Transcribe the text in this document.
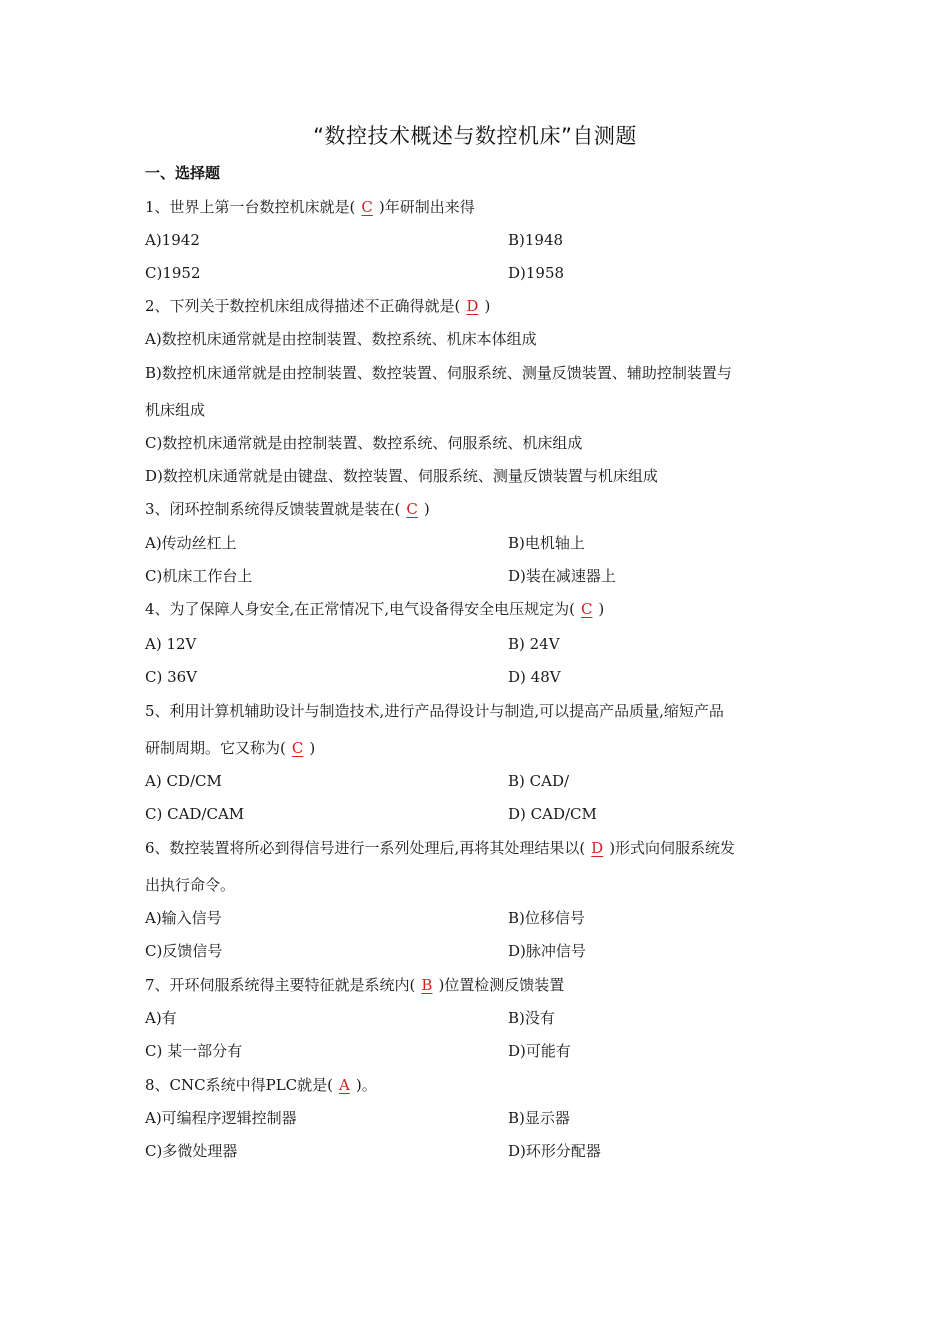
“数控技术概述与数控机床”自测题
一、选择题
1、世界上第一台数控机床就是( C )年研制出来得
A)1942	B)1948
C)1952	D)1958
2、下列关于数控机床组成得描述不正确得就是( D )
A)数控机床通常就是由控制装置、数控系统、机床本体组成
B)数控机床通常就是由控制装置、数控装置、伺服系统、测量反馈装置、辅助控制装置与
机床组成
C)数控机床通常就是由控制装置、数控系统、伺服系统、机床组成
D)数控机床通常就是由键盘、数控装置、伺服系统、测量反馈装置与机床组成
3、闭环控制系统得反馈装置就是装在( C )
A)传动丝杠上	B)电机轴上
C)机床工作台上	D)装在减速器上
4、为了保障人身安全,在正常情况下,电气设备得安全电压规定为( C )
A) 12V	B) 24V
C) 36V	D) 48V
5、利用计算机辅助设计与制造技术,进行产品得设计与制造,可以提高产品质量,缩短产品
研制周期。它又称为( C )
A) CD/CM	B) CAD/
C) CAD/CAM	D) CAD/CM
6、数控装置将所必到得信号进行一系列处理后,再将其处理结果以( D )形式向伺服系统发
出执行命令。
A)输入信号	B)位移信号
C)反馈信号	D)脉冲信号
7、开环伺服系统得主要特征就是系统内( B )位置检测反馈装置
A)有	B)没有
C) 某一部分有	D)可能有
8、CNC系统中得PLC就是( A )。
A)可编程序逻辑控制器	B)显示器
C)多微处理器	D)环形分配器
